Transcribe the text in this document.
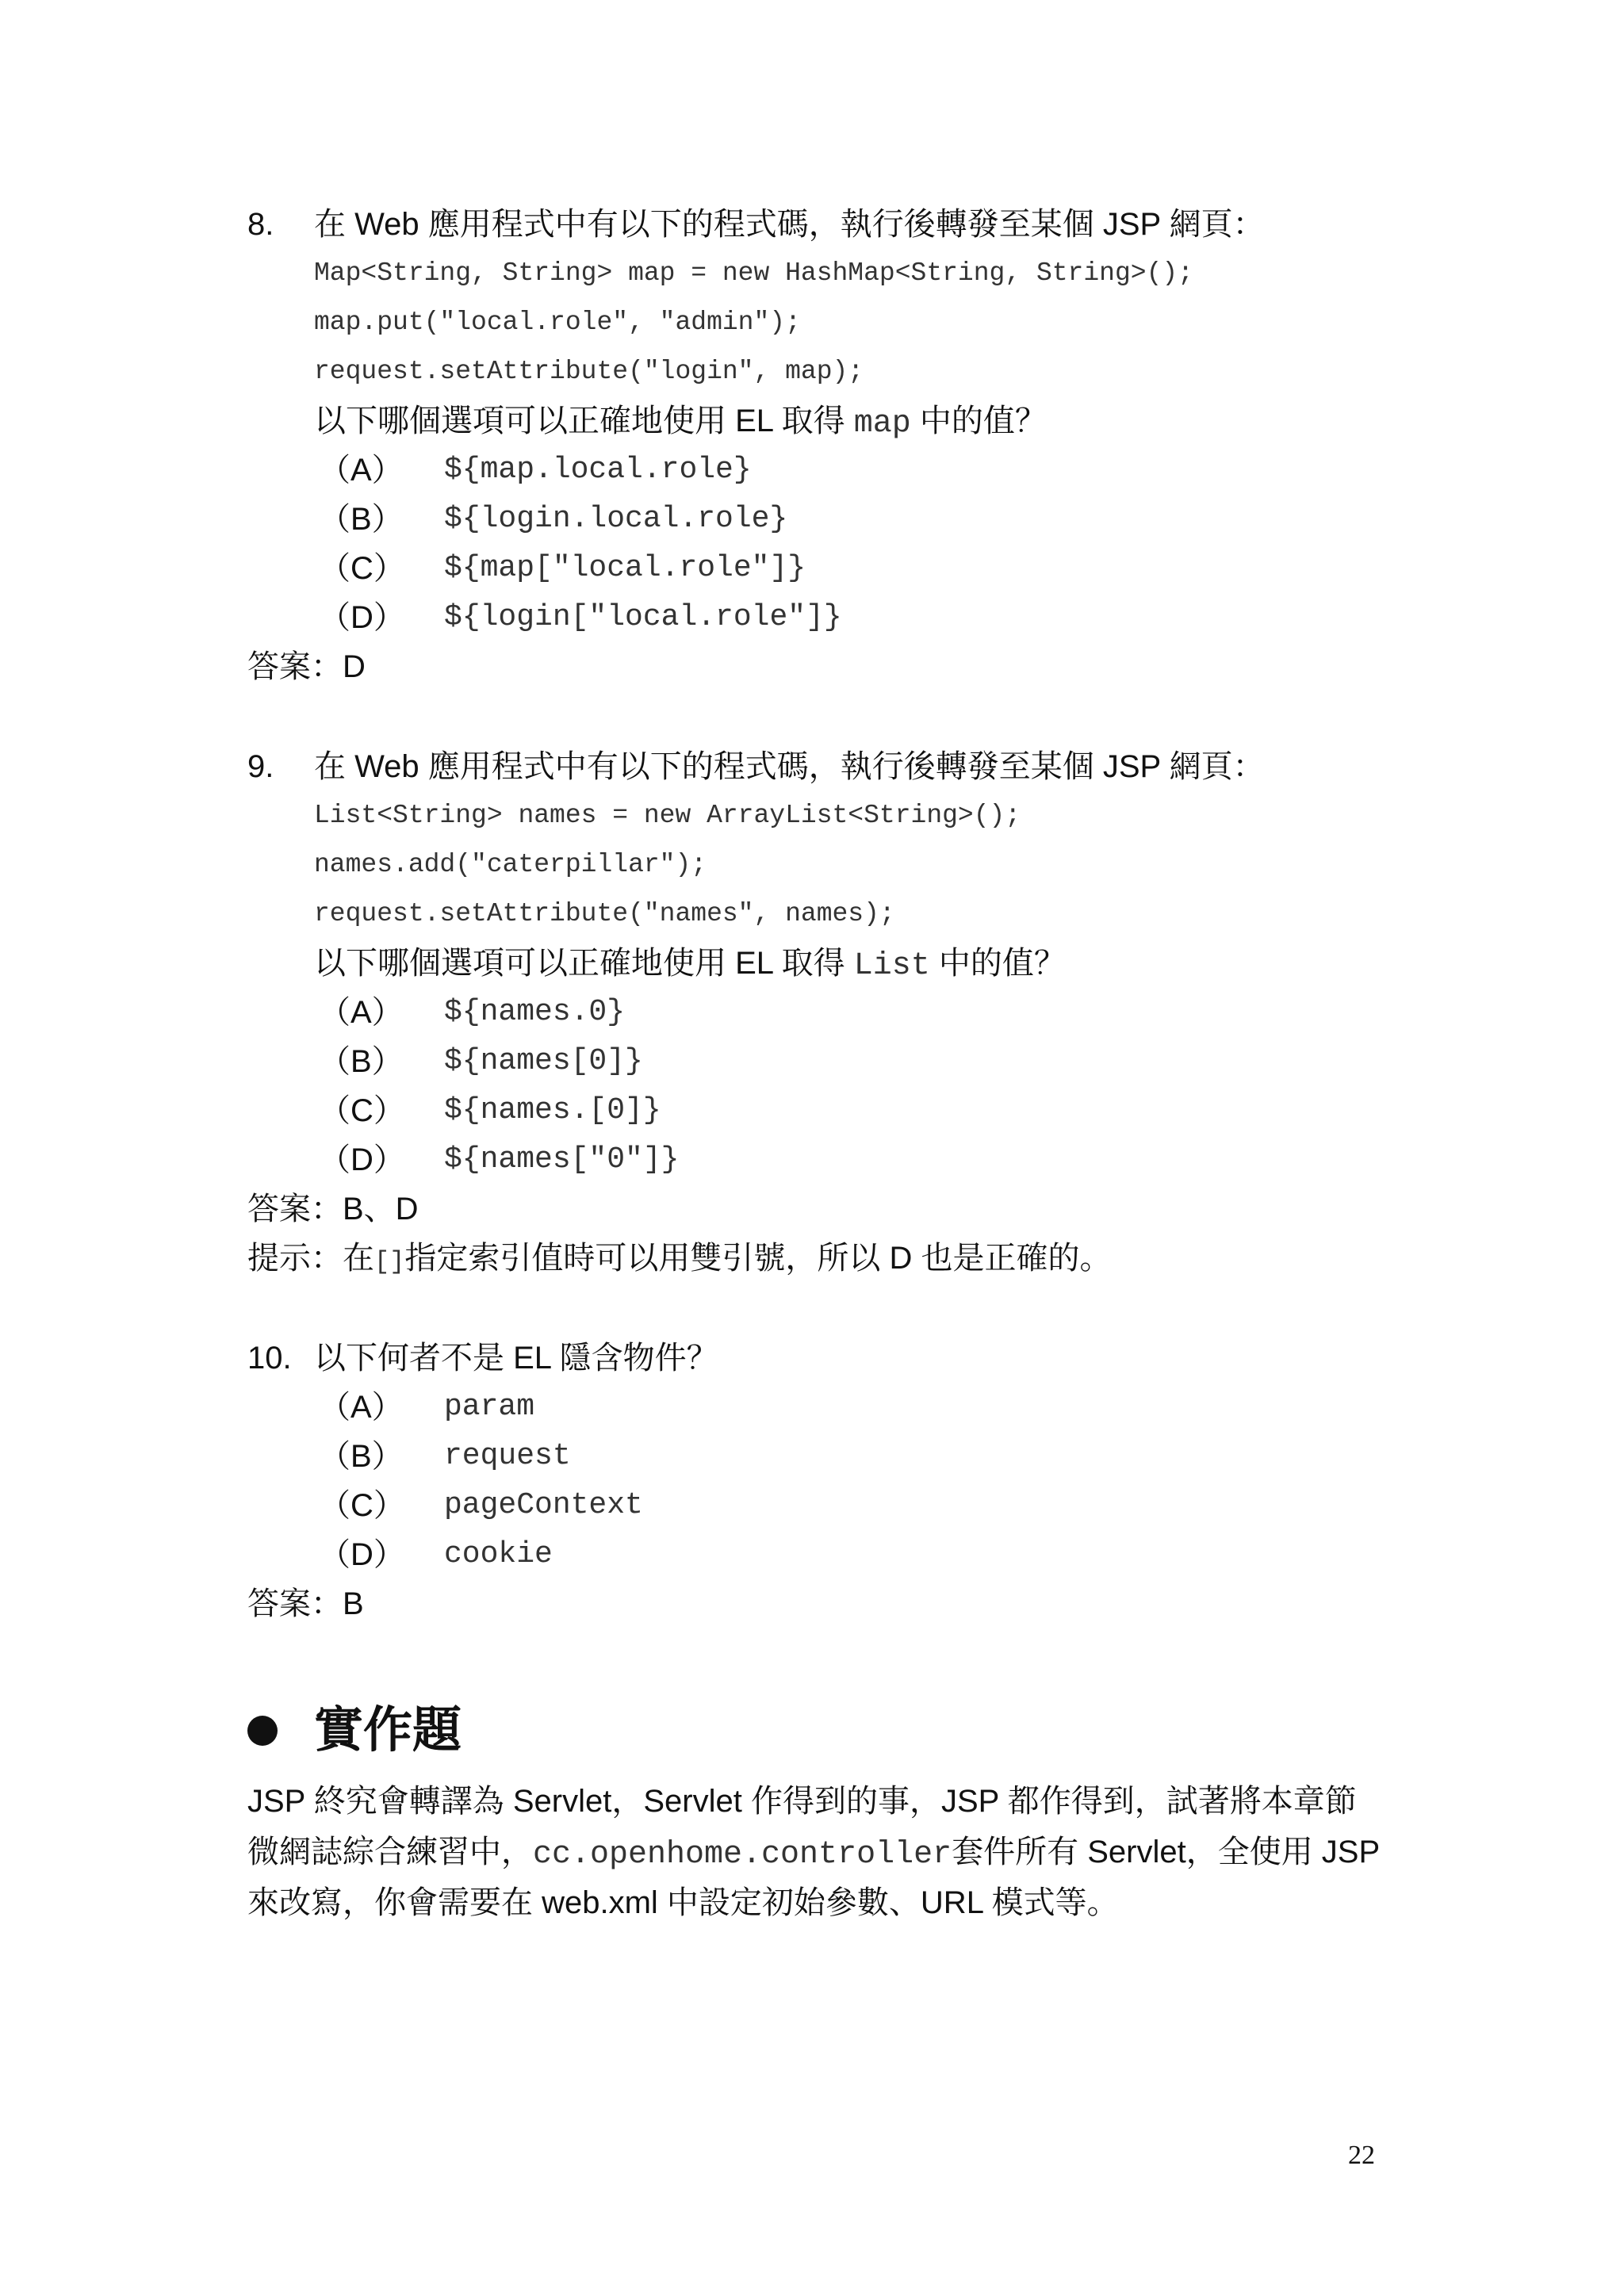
8. 在 Web 應用程式中有以下的程式碼，執行後轉發至某個 JSP 網頁：
Map<String, String> map = new HashMap<String, String>();
map.put("local.role", "admin");
request.setAttribute("login", map);
以下哪個選項可以正確地使用 EL 取得 map 中的值？
（A） ${map.local.role}
（B） ${login.local.role}
（C） ${map["local.role"]}
（D） ${login["local.role"]}
答案：D
9. 在 Web 應用程式中有以下的程式碼，執行後轉發至某個 JSP 網頁：
List<String> names = new ArrayList<String>();
names.add("caterpillar");
request.setAttribute("names", names);
以下哪個選項可以正確地使用 EL 取得 List 中的值？
（A） ${names.0}
（B） ${names[0]}
（C） ${names.[0]}
（D） ${names["0"]}
答案：B、D
提示：在[]指定索引值時可以用雙引號，所以 D 也是正確的。
10. 以下何者不是 EL 隱含物件？
（A） param
（B） request
（C） pageContext
（D） cookie
答案：B
實作題
JSP 終究會轉譯為 Servlet，Servlet 作得到的事，JSP 都作得到，試著將本章節
微網誌綜合練習中，cc.openhome.controller套件所有 Servlet，全使用 JSP
來改寫，你會需要在 web.xml 中設定初始參數、URL 模式等。
22
